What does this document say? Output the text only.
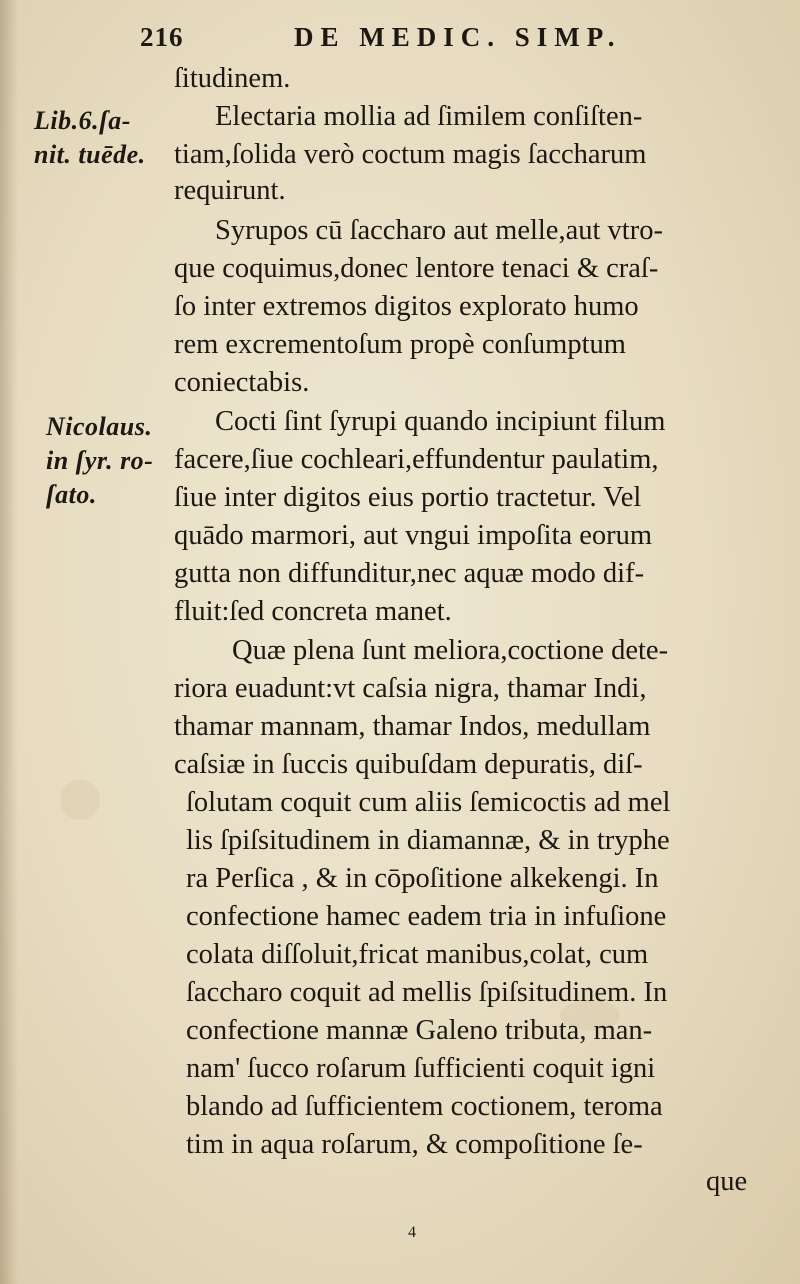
216	DE MEDIC. SIMP.
Lib.6.ſa-
nit. tuēde.
Nicolaus.
in ſyr. ro-
ſato.
ſitudinem.
Electaria mollia ad ſimilem conſiſten-
tiam,ſolida verò coctum magis ſaccharum
requirunt.
Syrupos cū ſaccharo aut melle,aut vtro-
que coquimus,donec lentore tenaci & craſ-
ſo inter extremos digitos explorato humo
rem excrementoſum propè conſumptum
coniectabis.
Cocti ſint ſyrupi quando incipiunt filum
facere,ſiue cochleari,effundentur paulatim,
ſiue inter digitos eius portio tractetur. Vel
quādo marmori, aut vngui impoſita eorum
gutta non diffunditur,nec aquæ modo dif-
fluit:ſed concreta manet.
Quæ plena ſunt meliora,coctione dete-
riora euadunt:vt caſsia nigra, thamar Indi,
thamar mannam, thamar Indos, medullam
caſsiæ in ſuccis quibuſdam depuratis, diſ-
ſolutam coquit cum aliis ſemicoctis ad mel
lis ſpiſsitudinem in diamannæ, & in tryphe
ra Perſica , & in cōpoſitione alkekengi. In
confectione hamec eadem tria in infuſione
colata diſſoluit,fricat manibus,colat, cum
ſaccharo coquit ad mellis ſpiſsitudinem. In
confectione mannæ Galeno tributa, man-
nam' ſucco roſarum ſufficienti coquit igni
blando ad ſufficientem coctionem, teroma
tim in aqua roſarum, & compoſitione ſe-
que
4
